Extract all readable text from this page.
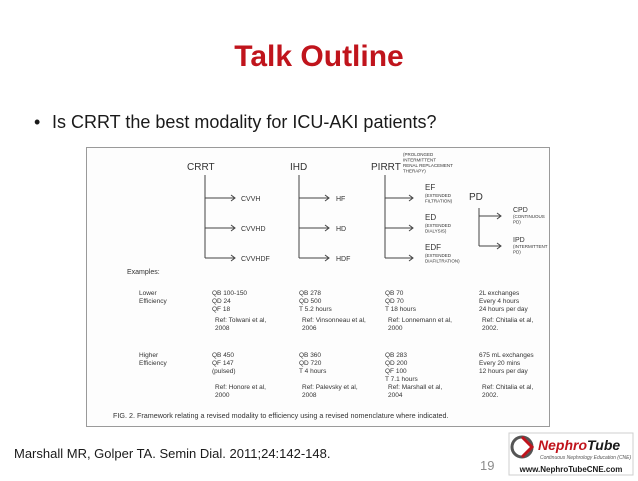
Talk Outline
• Is CRRT the best modality for ICU-AKI patients?
CRRT
CVVH
CVVHD
CVVHDF
IHD
HF
HD
HDF
PIRRT
(PROLONGED
INTERMITTENT
RENAL REPLACEMENT
THERAPY)
EF
(EXTENDED
FILTRATION)
ED
(EXTENDED
DIALYSIS)
EDF
(EXTENDED
DIAFILTRATION)
PD
CPD
(CONTINUOUS
PD)
IPD
(INTERMITTENT
PD)
Examples:
Lower
Efficiency
QB 100-150
QD 24
QF 18
Ref: Tolwani et al,
2008
QB 278
QD 500
T 5.2 hours
Ref: Vinsonneau et al,
2006
QB 70
QD 70
T 18 hours
Ref: Lonnemann et al,
2000
2L exchanges
Every 4 hours
24 hours per day
Ref: Chitalia et al,
2002.
Higher
Efficiency
QB 450
QF 147
(pulsed)
Ref: Honore et al,
2000
QB 360
QD 720
T 4 hours
Ref: Palevsky et al,
2008
QB 283
QD 200
QF 100
T 7.1 hours
Ref: Marshall et al,
2004
675 mL exchanges
Every 20 mins
12 hours per day
Ref: Chitalia et al,
2002.
FIG. 2. Framework relating a revised modality to efficiency using a revised nomenclature where indicated.
Marshall MR, Golper TA. Semin Dial. 2011;24:142-148.
19
NephroTube
Continuous Nephrology Education (CNE)
www.NephroTubeCNE.com
